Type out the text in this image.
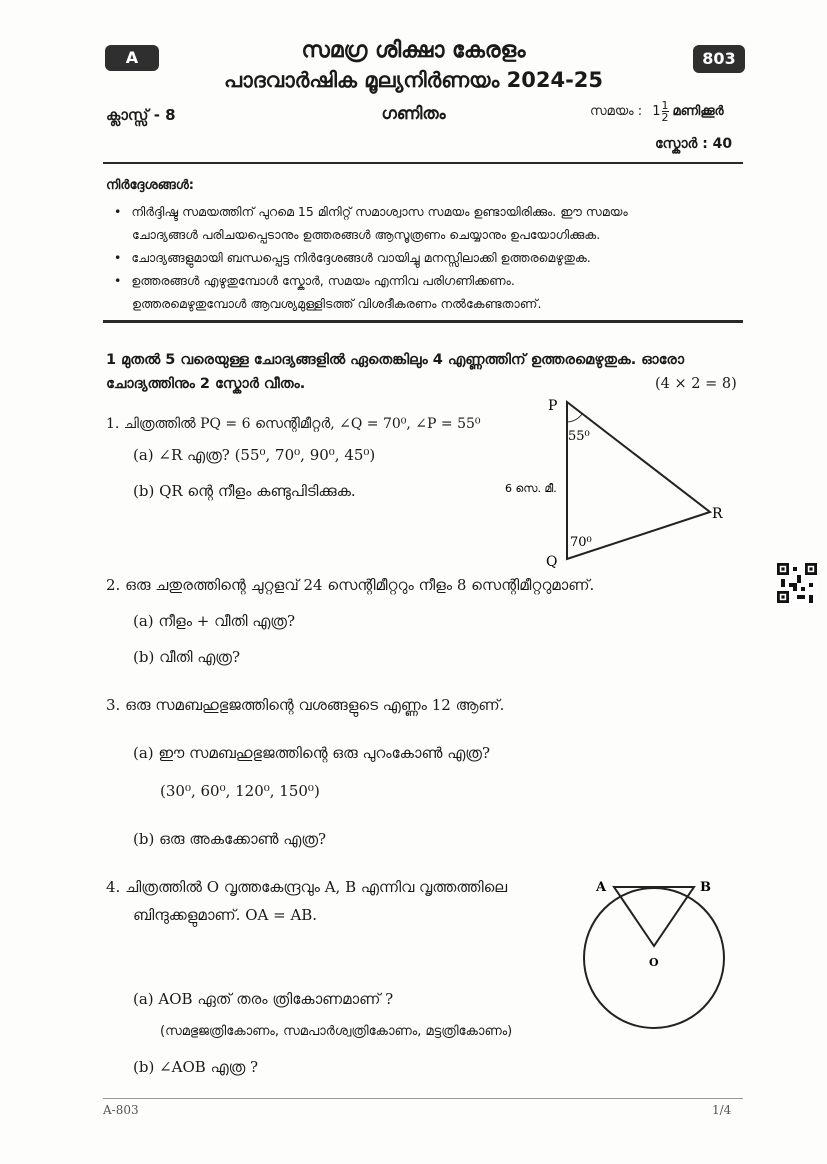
A	803
സമഗ്ര ശിക്ഷാ കേരളം
പാദവാർഷിക മൂല്യനിർണയം 2024-25
ക്ലാസ്സ് - 8	ഗണിതം	സമയം : $1 \frac{1}{2}$ മണിക്കൂർ
സ്കോർ : 40
നിർദ്ദേശങ്ങൾ:
• നിർദ്ദിഷ്ട സമയത്തിന് പുറമെ 15 മിനിറ്റ് സമാശ്വാസ സമയം ഉണ്ടായിരിക്കും. ഈ സമയം
ചോദ്യങ്ങൾ പരിചയപ്പെടാനും ഉത്തരങ്ങൾ ആസൂത്രണം ചെയ്യാനും ഉപയോഗിക്കുക.
• ചോദ്യങ്ങളുമായി ബന്ധപ്പെട്ട നിർദ്ദേശങ്ങൾ വായിച്ചു മനസ്സിലാക്കി ഉത്തരമെഴുതുക.
• ഉത്തരങ്ങൾ എഴുതുമ്പോൾ സ്കോർ, സമയം എന്നിവ പരിഗണിക്കണം.
ഉത്തരമെഴുതുമ്പോൾ ആവശ്യമുള്ളിടത്ത് വിശദീകരണം നൽകേണ്ടതാണ്.
1 മുതൽ 5 വരെയുള്ള ചോദ്യങ്ങളിൽ ഏതെങ്കിലും 4 എണ്ണത്തിന് ഉത്തരമെഴുതുക. ഓരോ
ചോദ്യത്തിനും 2 സ്കോർ വീതം.	(4 × 2 = 8)
1. ചിത്രത്തിൽ PQ = 6 സെന്റിമീറ്റർ, ∠Q = 70⁰, ∠P = 55⁰
(a) ∠R എത്ര? (55⁰, 70⁰, 90⁰, 45⁰)
(b) QR ന്റെ നീളം കണ്ടുപിടിക്കുക.
P
Q
R
55⁰
70⁰
6 സെ. മീ.
2. ഒരു ചതുരത്തിന്റെ ചുറ്റളവ് 24 സെന്റിമീറ്ററും നീളം 8 സെന്റിമീറ്ററുമാണ്.
(a) നീളം + വീതി എത്ര?
(b) വീതി എത്ര?
3. ഒരു സമബഹുഭുജത്തിന്റെ വശങ്ങളുടെ എണ്ണം 12 ആണ്.
(a) ഈ സമബഹുഭുജത്തിന്റെ ഒരു പുറംകോൺ എത്ര?
(30⁰, 60⁰, 120⁰, 150⁰)
(b) ഒരു അകക്കോൺ എത്ര?
4. ചിത്രത്തിൽ O വൃത്തകേന്ദ്രവും A, B എന്നിവ വൃത്തത്തിലെ
ബിന്ദുക്കളുമാണ്. OA = AB.
A	B
O
(a) AOB ഏത് തരം ത്രികോണമാണ് ?
(സമഭുജത്രികോണം, സമപാർശ്വത്രികോണം, മട്ടത്രികോണം)
(b) ∠AOB എത്ര ?
A-803	1/4
